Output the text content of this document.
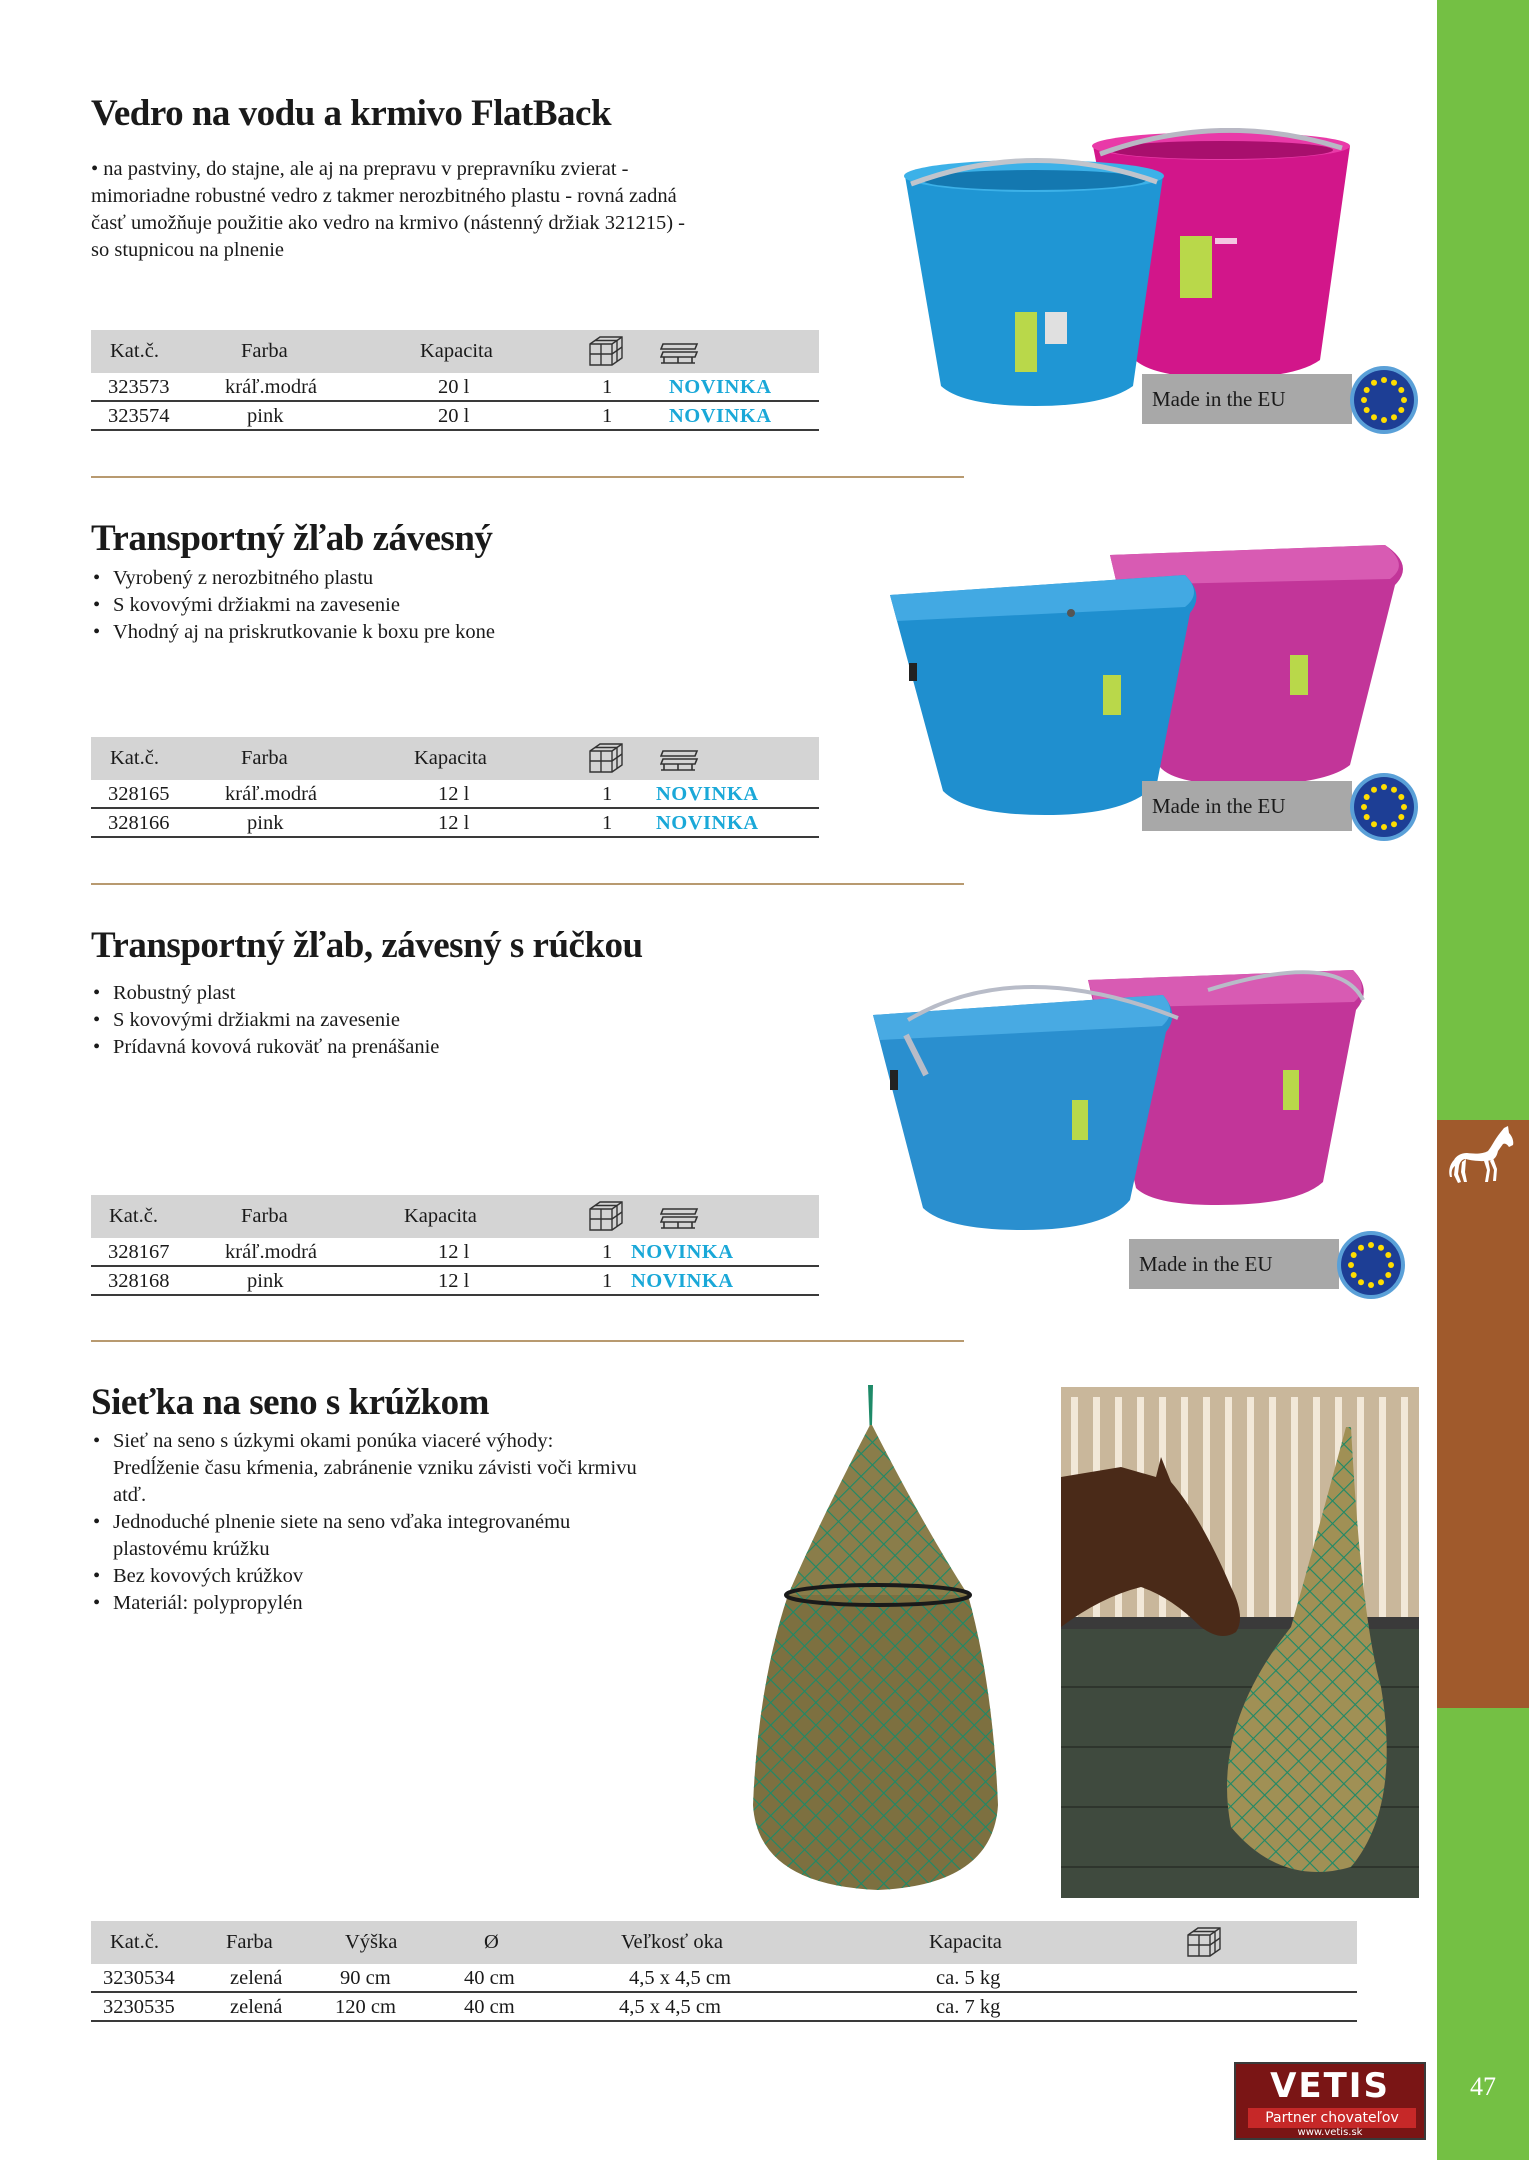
47
Vedro na vodu a krmivo FlatBack
• na pastviny, do stajne, ale aj na prepravu v prepravníku zvierat -
mimoriadne robustné vedro z takmer nerozbitného plastu - rovná zadná
časť umožňuje použitie ako vedro na krmivo (nástenný držiak 321215) -
so stupnicou na plnenie
Kat.č.	Farba	Kapacita
323573	kráľ.modrá	20 l	1	NOVINKA
323574	pink	20 l	1	NOVINKA
Made in the EU
Transportný žľab závesný
• Vyrobený z nerozbitného plastu
• S kovovými držiakmi na zavesenie
• Vhodný aj na priskrutkovanie k boxu pre kone
Kat.č.	Farba	Kapacita
328165	kráľ.modrá	12 l	1 NOVINKA
328166	pink	12 l	1 NOVINKA
Made in the EU
Transportný žľab, závesný s rúčkou
• Robustný plast
• S kovovými držiakmi na zavesenie
• Prídavná kovová rukoväť na prenášanie
Kat.č.	Farba	Kapacita
328167	kráľ.modrá	12 l	1 NOVINKA
328168	pink	12 l	1 NOVINKA
Made in the EU
Sieťka na seno s krúžkom
• Sieť na seno s úzkymi okami ponúka viaceré výhody:
Predĺženie času kŕmenia, zabránenie vzniku závisti voči krmivu
atď.
• Jednoduché plnenie siete na seno vďaka integrovanému
plastovému krúžku
• Bez kovových krúžkov
• Materiál: polypropylén
Kat.č.	Farba	Výška	Ø	Veľkosť oka	Kapacita
3230534	zelená	90 cm	40 cm	4,5 x 4,5 cm	ca. 5 kg
3230535	zelená	120 cm	40 cm	4,5 x 4,5 cm	ca. 7 kg
VETIS
Partner chovateľov
www.vetis.sk
